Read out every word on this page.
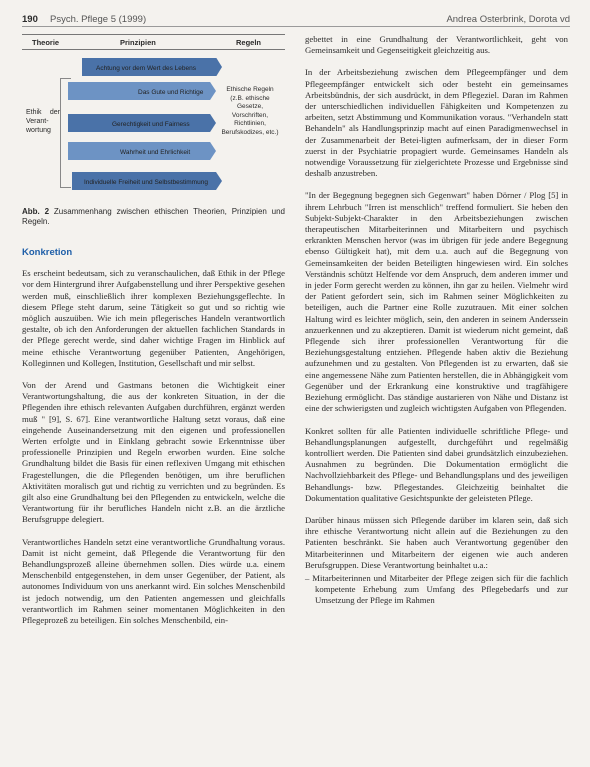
190 Psych. Pflege 5 (1999)	Andrea Osterbrink, Dorota vd
Theorie	Prinzipien	Regeln
Ethik der Verant-wortung
Achtung vor dem Wert des Lebens
Das Gute und Richtige
Gerechtigkeit und Fairness
Wahrheit und Ehrlichkeit
Individuelle Freiheit und Selbstbestimmung
Ethische Regeln (z.B. ethische Gesetze, Vorschriften, Richtlinien, Berufskodizes, etc.)
Abb. 2 Zusammenhang zwischen ethischen Theorien, Prinzipien und Regeln.
Konkretion

Es erscheint bedeutsam, sich zu veranschaulichen, daß Ethik in der Pflege vor dem Hintergrund ihrer Aufgabenstellung und ihrer Perspektive gesehen werden muß, einschließlich ihrer komplexen Beziehungsgeflechte. In diesem Pflege steht darum, seine Tätigkeit so gut und so richtig wie möglich auszuüben. Wie ich mein pflegerisches Handeln verantwortlich gestalte, ob ich den Anforderungen der aktuellen fachlichen Standards in der Pflege gerecht werde, sind daher wichtige Fragen im Hinblick auf meine ethische Verantwortung gegenüber Patienten, Angehörigen, Kolleginnen und Kollegen, Institution, Gesellschaft und mir selbst.

Von der Arend und Gastmans betonen die Wichtigkeit einer Verantwortungshaltung, die aus der konkreten Situation, in der die Pflegenden ihre ethisch relevanten Aufgaben durchführen, ergänzt werden muß " [9], S. 67]. Eine verantwortliche Haltung setzt voraus, daß eine eingehende Auseinandersetzung mit den eigenen und professionellen Werten erfolgte und in Einklang gebracht sowie Erkenntnisse über professionelle Prinzipien und Regeln erworben wurden. Eine solche Grundhaltung bildet die Basis für einen reflexiven Umgang mit ethischen Fragestellungen, die die Pflegenden benötigen, um ihre beruflichen Aktivitäten moralisch gut und richtig zu verrichten und zu begründen. Es gilt also eine Grundhaltung bei den Pflegenden zu entwickeln, welche die Verantwortung für ihr berufliches Handeln nicht z.B. an die ärztliche Berufsgruppe delegiert.

Verantwortliches Handeln setzt eine verantwortliche Grundhaltung voraus. Damit ist nicht gemeint, daß Pflegende die Verantwortung für den Behandlungsprozeß alleine übernehmen sollen. Dies würde u.a. einem Menschenbild entgegenstehen, in dem unser Gegenüber, der Patient, als autonomes Individuum von uns anerkannt wird. Ein solches Menschenbild ist jedoch notwendig, um den Patienten angemessen und gleichfalls verantwortlich im Rahmen seiner momentanen Möglichkeiten in den Pflegeprozeß zu beteiligen. Ein solches Menschenbild, ein-

gebettet in eine Grundhaltung der Verantwortlichkeit, geht von Gemeinsamkeit und Gegenseitigkeit gleichzeitig aus.

In der Arbeitsbeziehung zwischen dem Pflegeempfänger und dem Pflegeempfänger entwickelt sich oder besteht ein gemeinsames Arbeitsbündnis, der sich ausdrückt, in dem Pflegeziel. Daran im Rahmen der unterschiedlichen individuellen Fähigkeiten und Kompetenzen zu arbeiten, setzt Abstimmung und Kommunikation voraus. "Verhandeln statt Behandeln" als Handlungsprinzip macht auf einen Paradigmenwechsel in der Zusammenarbeit der Betei-ligten aufmerksam, der in dieser Form zuerst in der Psychiatrie propagiert wurde. Gemeinsames Handeln als notwendige Voraussetzung für zielgerichtete Prozesse und Ergebnisse sind deshalb anzustreben.

"In der Begegnung begegnen sich Gegenwart" haben Dörner / Plog [5] in ihrem Lehrbuch "Irren ist menschlich" treffend formuliert. Sie heben den Subjekt-Subjekt-Charakter in den Arbeitsbeziehungen zwischen therapeutischen Mitarbeiterinnen und Mitarbeitern und psychisch erkrankten Menschen hervor (was im übrigen für jede andere Begegnung ebenso Gültigkeit hat), mit dem u.a. auch auf die Begegnung von Gemeinsamkeiten der beiden Beteiligten hingewiesen wird. Ein solches Verständnis schützt Helfende vor dem Anspruch, dem anderen immer und in jeder Form gerecht werden zu können, ihn gar zu heilen. Vielmehr wird der Patient gefordert sein, sich im Rahmen seiner Möglichkeiten zu beteiligen, auch die Partner eine Rolle zuzutrauen. Mit einer solchen Haltung wird es leichter möglich, sein, den anderen in seinem Anderssein anzuerkennen und zu akzeptieren. Damit ist wiederum nicht gemeint, daß Pflegende sich ihrer professionellen Verantwortung für die Beziehungsgestaltung entziehen. Pflegende haben aktiv die Beziehung aufzunehmen und zu gestalten. Von Pflegenden ist zu erwarten, daß sie eine angemessene Nähe zum Patienten herstellen, die in Abhängigkeit vom Gegenüber und der Erkrankung eine konstruktive und tragfähigere Beziehung ermöglicht. Das ständige austarieren von Nähe und Distanz ist eine der schwierigsten und zugleich wichtigsten Aufgaben von Pflegenden.

Konkret sollten für alle Patienten individuelle schriftliche Pflege- und Behandlungsplanungen aufgestellt, durchgeführt und regelmäßig kontrolliert werden. Die Patienten sind dabei grundsätzlich einzubeziehen. Ausnahmen zu begründen. Die Dokumentation ermöglicht die Nachvollziehbarkeit des Pflege- und Behandlungsplans und des jeweiligen Behandlungs- bzw. Pflegestandes. Gleichzeitig beinhaltet die Dokumentation qualitative Gesichtspunkte der geleisteten Pflege.

Darüber hinaus müssen sich Pflegende darüber im klaren sein, daß sich ihre ethische Verantwortung nicht allein auf die Beziehungen zu den Patienten beschränkt. Sie haben auch Verantwortung gegenüber den Mitarbeiterinnen und Mitarbeitern der eigenen wie auch anderen Berufsgruppen. Diese Verantwortung beinhaltet u.a.:

– Mitarbeiterinnen und Mitarbeiter der Pflege zeigen sich für die fachlich kompetente Erhebung zum Umfang des Pflegebedarfs und zur Umsetzung der Pflege im Rahmen
